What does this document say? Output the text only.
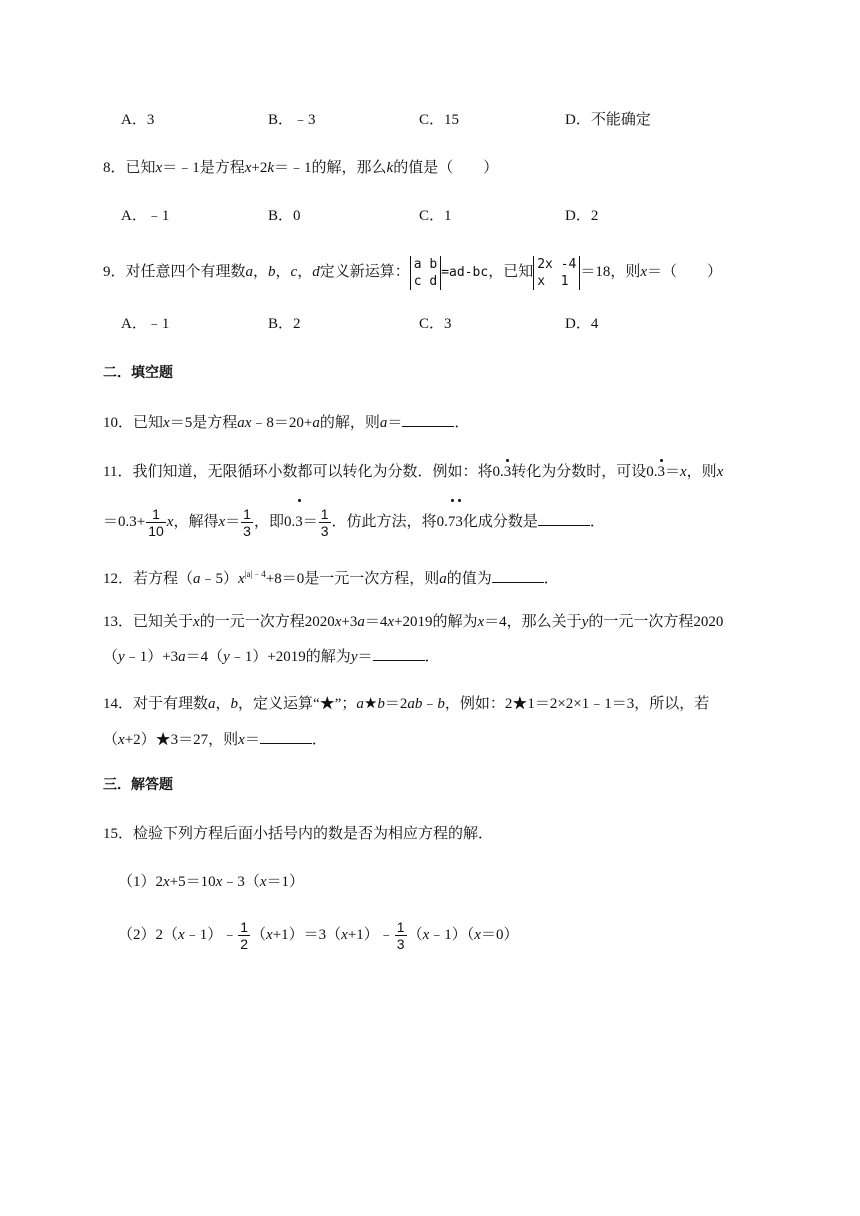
A．3	B．﹣3	C．15	D．不能确定
8．已知x＝﹣1是方程x+2k＝﹣1的解，那么k的值是（　　）
A．﹣1	B．0	C．1	D．2
9．对任意四个有理数a，b，c，d定义新运算： a b
c d
=ad-bc，已知 2x -4
x  1
＝18，则x＝（　　）
A．﹣1	B．2	C．3	D．4
二．填空题
10．已知x＝5是方程ax﹣8＝20+a的解，则a＝	．
11．我们知道，无限循环小数都可以转化为分数．例如：将0.3转化为分数时，可设0.3＝x，则x
$=0.3+ \frac{1}{10}$ x，解得$x= \frac{1}{3}$ ，即$0.3= \frac{1}{3}$ ．仿此方法，将0.73化成分数是	．
12．若方程$(a﹣5)x^{|a|﹣4}+8=0$是一元一次方程，则a的值为	．
13．已知关于x的一元一次方程2020x+3a＝4x+2019的解为x＝4，那么关于y的一元一次方程2020
（y﹣1）+3a＝4（y﹣1）+2019的解为y＝	．
14．对于有理数a，b，定义运算“★”；a★b＝2ab﹣b，例如：2★1＝2×2×1﹣1＝3，所以，若
（x+2）★3＝27，则x＝	．
三．解答题
15．检验下列方程后面小括号内的数是否为相应方程的解．
（1）2x+5＝10x﹣3（x＝1）
（2）2（x﹣1）﹣ $\frac{1}{2}$ （x+1）＝3（x+1）﹣ $\frac{1}{3}$ （x﹣1）（x＝0）
